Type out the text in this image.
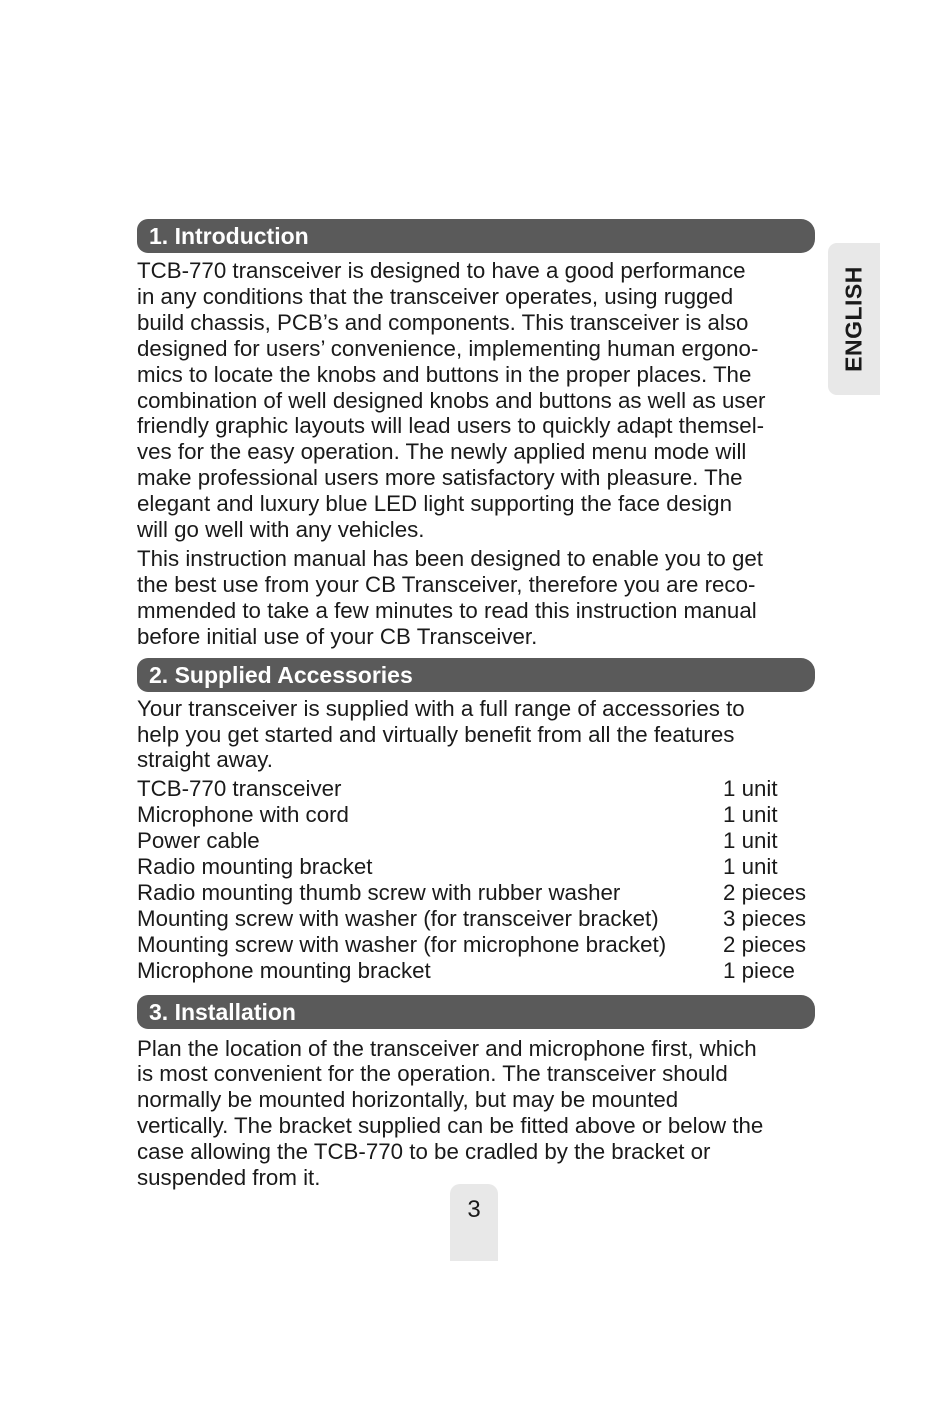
ENGLISH
1. Introduction

TCB-770 transceiver is designed to have a good performance
in any conditions that the transceiver operates, using rugged
build chassis, PCB’s and components. This transceiver is also
designed for users’ convenience, implementing human ergono-
mics to locate the knobs and buttons in the proper places. The
combination of well designed knobs and buttons as well as user
friendly graphic layouts will lead users to quickly adapt themsel-
ves for the easy operation. The newly applied menu mode will
make professional users more satisfactory with pleasure. The
elegant and luxury blue LED light supporting the face design
will go well with any vehicles.

This instruction manual has been designed to enable you to get
the best use from your CB Transceiver, therefore you are reco-
mmended to take a few minutes to read this instruction manual
before initial use of your CB Transceiver.

2. Supplied Accessories

Your transceiver is supplied with a full range of accessories to
help you get started and virtually benefit from all the features
straight away.

TCB-770 transceiver	1 unit
Microphone with cord	1 unit
Power cable	1 unit
Radio mounting bracket	1 unit
Radio mounting thumb screw with rubber washer	2 pieces
Mounting screw with washer (for transceiver bracket)	3 pieces
Mounting screw with washer (for microphone bracket)	2 pieces
Microphone mounting bracket	1 piece
3. Installation

Plan the location of the transceiver and microphone first, which
is most convenient for the operation. The transceiver should
normally be mounted horizontally, but may be mounted
vertically. The bracket supplied can be fitted above or below the
case allowing the TCB-770 to be cradled by the bracket or
suspended from it.

3
